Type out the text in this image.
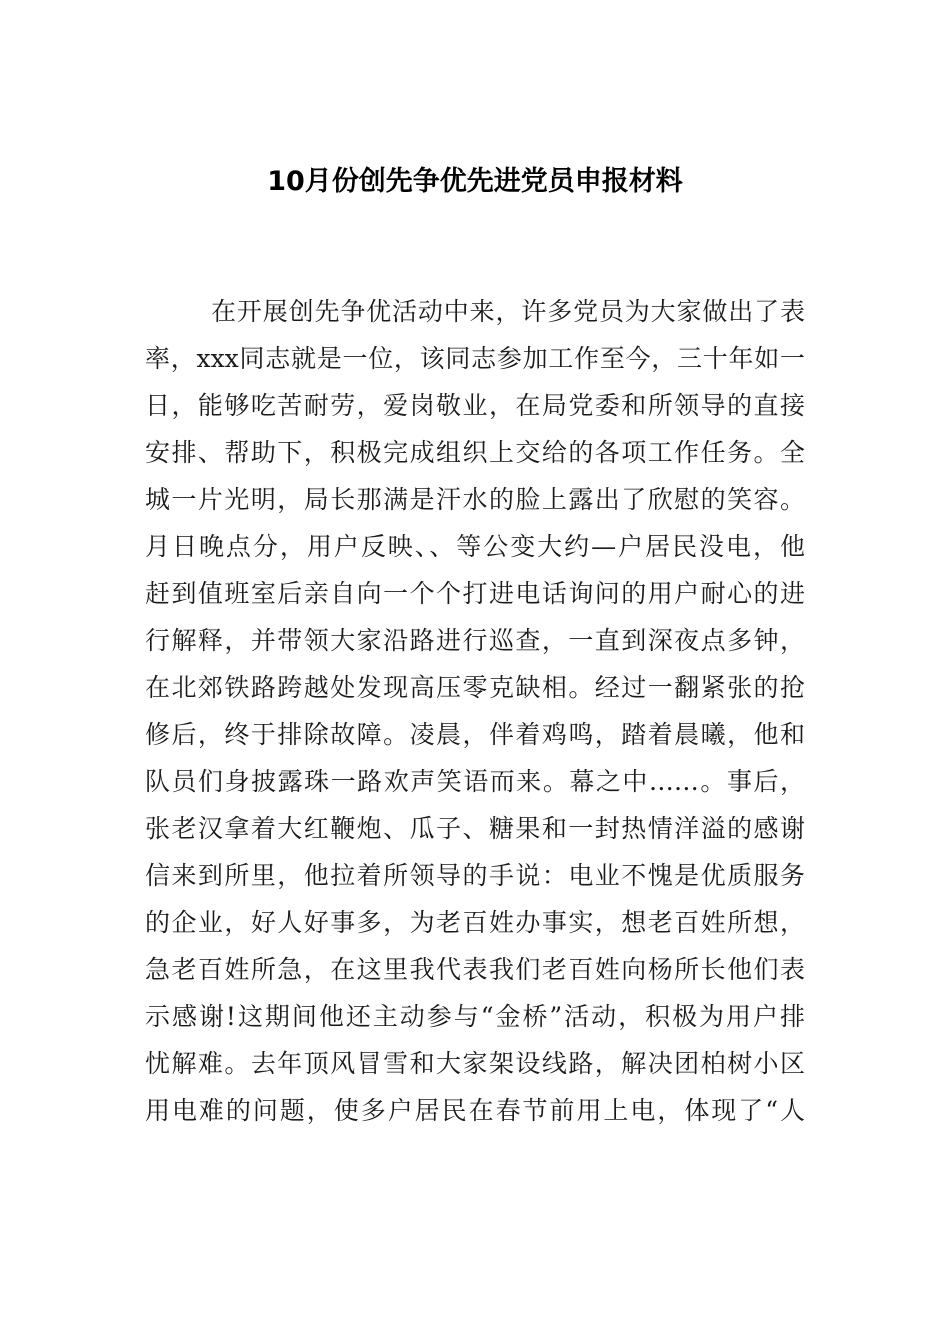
10月份创先争优先进党员申报材料
在开展创先争优活动中来，许多党员为大家做出了表
率，xxx同志就是一位，该同志参加工作至今，三十年如一
日，能够吃苦耐劳，爱岗敬业，在局党委和所领导的直接
安排、帮助下，积极完成组织上交给的各项工作任务。全
城一片光明，局长那满是汗水的脸上露出了欣慰的笑容。
月日晚点分，用户反映、、等公变大约—户居民没电，他
赶到值班室后亲自向一个个打进电话询问的用户耐心的进
行解释，并带领大家沿路进行巡查，一直到深夜点多钟，
在北郊铁路跨越处发现高压零克缺相。经过一翻紧张的抢
修后，终于排除故障。凌晨，伴着鸡鸣，踏着晨曦，他和
队员们身披露珠一路欢声笑语而来。幕之中……。事后，
张老汉拿着大红鞭炮、瓜子、糖果和一封热情洋溢的感谢
信来到所里，他拉着所领导的手说：电业不愧是优质服务
的企业，好人好事多，为老百姓办事实，想老百姓所想，
急老百姓所急，在这里我代表我们老百姓向杨所长他们表
示感谢!这期间他还主动参与“金桥”活动，积极为用户排
忧解难。去年顶风冒雪和大家架设线路，解决团柏树小区
用电难的问题，使多户居民在春节前用上电，体现了“人
